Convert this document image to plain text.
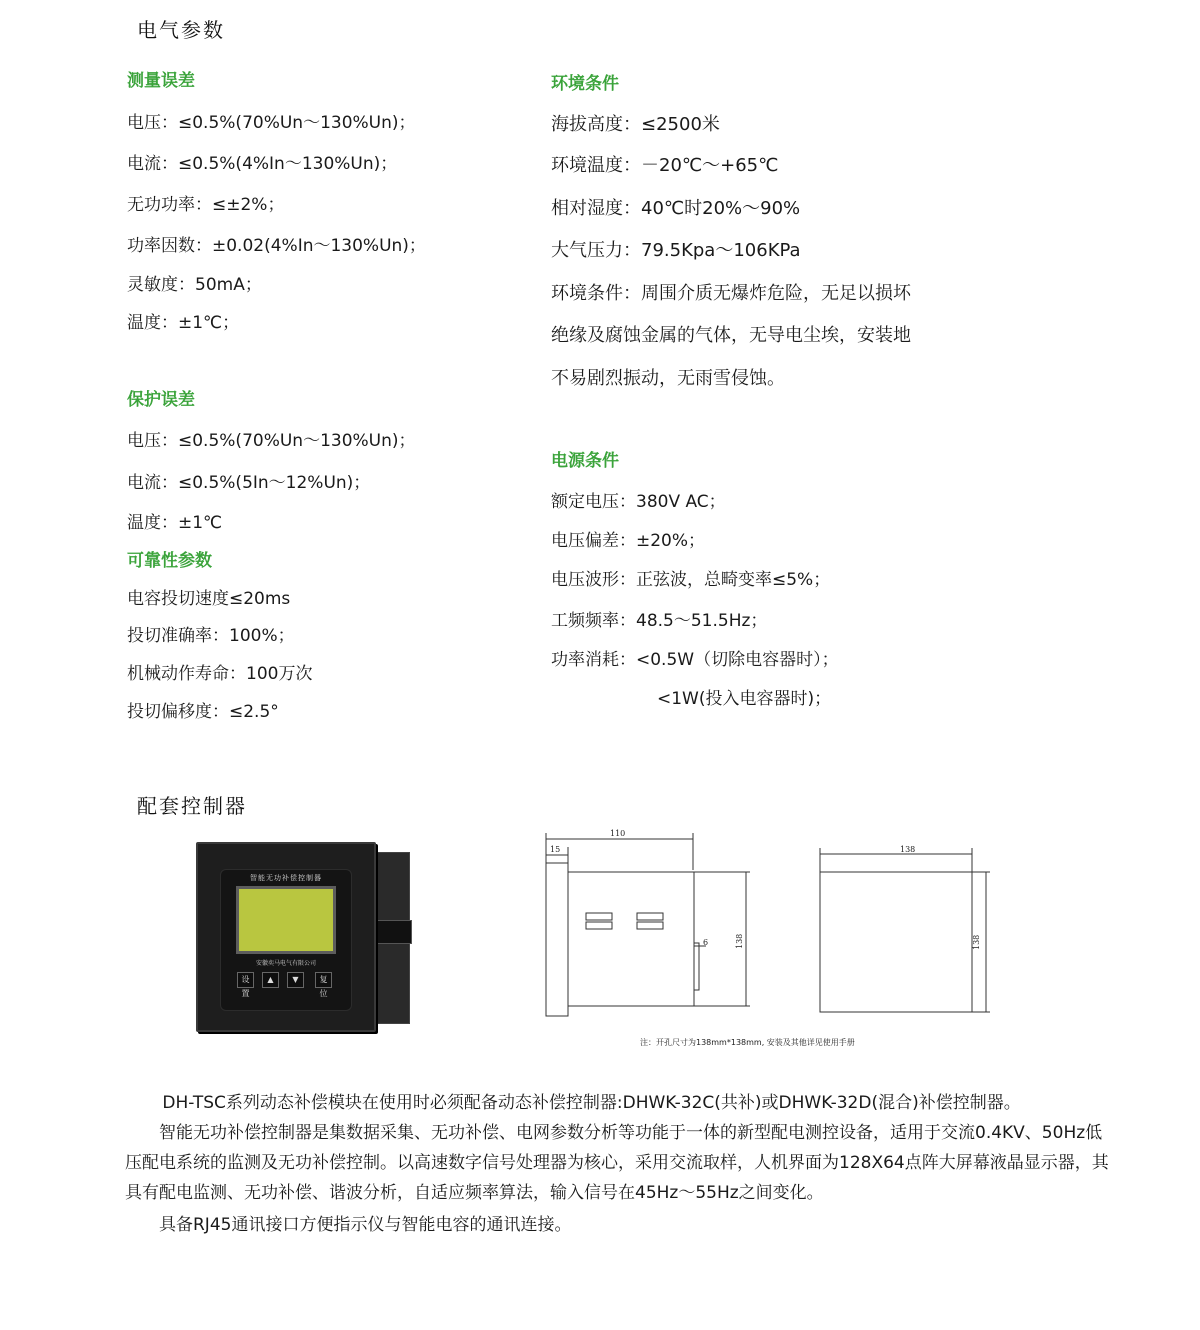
电气参数
测量误差
电压：≤0.5%(70%Un～130%Un)；
电流：≤0.5%(4%In～130%Un)；
无功功率：≤±2%；
功率因数：±0.02(4%In～130%Un)；
灵敏度：50mA；
温度：±1℃；
保护误差
电压：≤0.5%(70%Un～130%Un)；
电流：≤0.5%(5In～12%Un)；
温度：±1℃
可靠性参数
电容投切速度≤20ms
投切准确率：100%；
机械动作寿命：100万次
投切偏移度：≤2.5°
环境条件
海拔高度：≤2500米
环境温度：－20℃～+65℃
相对湿度：40℃时20%～90%
大气压力：79.5Kpa～106KPa
环境条件：周围介质无爆炸危险，无足以损坏
绝缘及腐蚀金属的气体，无导电尘埃，安装地
不易剧烈振动，无雨雪侵蚀。
电源条件
额定电压：380V AC；
电压偏差：±20%；
电压波形：正弦波，总畸变率≤5%；
工频频率：48.5～51.5Hz；
功率消耗：<0.5W（切除电容器时）；
<1W(投入电容器时)；
配套控制器
智能无功补偿控制器
安徽奕马电气有限公司
设置
▲	▼	复位
110
15
6	138
138
138
注：开孔尺寸为138mm*138mm, 安装及其他详见使用手册

DH-TSC系列动态补偿模块在使用时必须配备动态补偿控制器:DHWK-32C(共补)或DHWK-32D(混合)补偿控制器。

智能无功补偿控制器是集数据采集、无功补偿、电网参数分析等功能于一体的新型配电测控设备，适用于交流0.4KV、50Hz低压配电系统的监测及无功补偿控制。以高速数字信号处理器为核心，采用交流取样，人机界面为128X64点阵大屏幕液晶显示器，其具有配电监测、无功补偿、谐波分析，自适应频率算法，输入信号在45Hz～55Hz之间变化。

具备RJ45通讯接口方便指示仪与智能电容的通讯连接。
